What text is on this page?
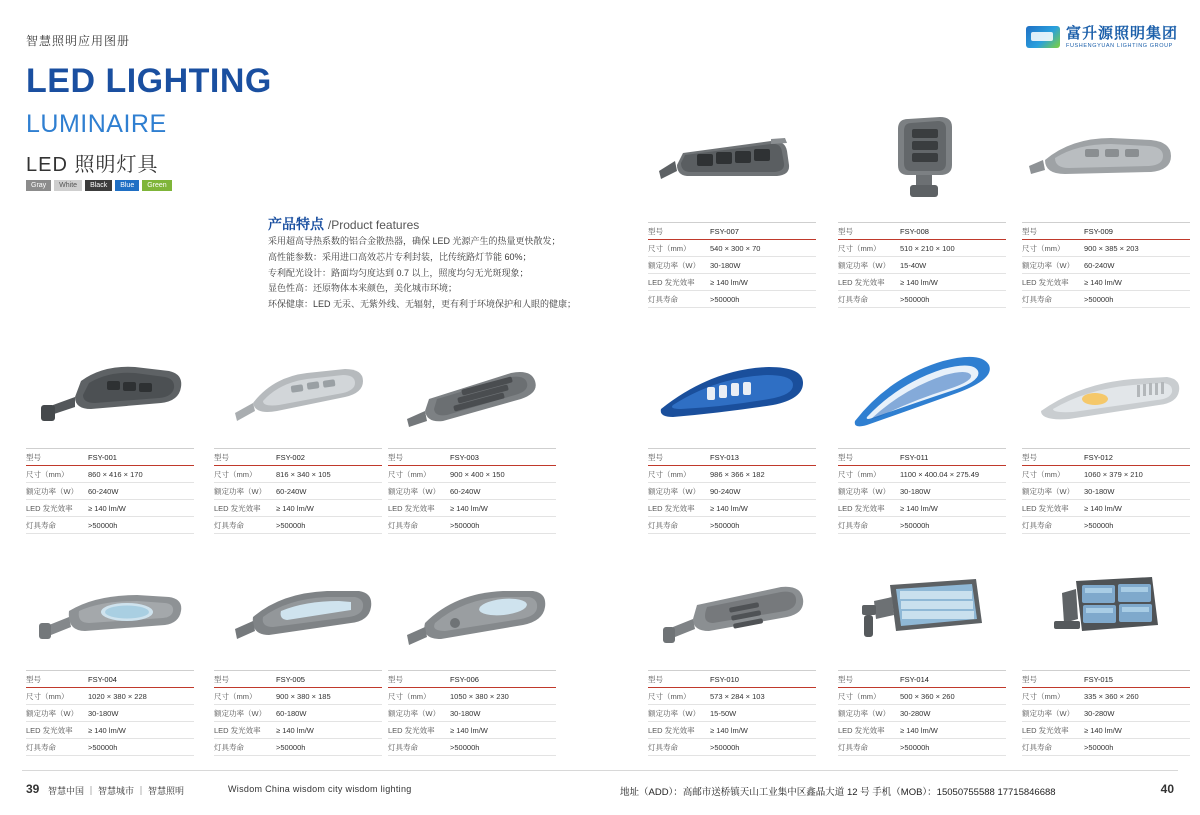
智慧照明应用图册	富升源照明集团
FUSHENGYUAN LIGHTING GROUP
LED LIGHTING
LUMINAIRE
LED 照明灯具
Gray	White	Black	Blue	Green
产品特点 /Product features
采用超高导热系数的铝合金散热器，确保 LED 光源产生的热量更快散发；
高性能参数：采用进口高效芯片专利封装，比传统路灯节能 60%；
专利配光设计：路面均匀度达到 0.7 以上，照度均匀无光斑现象；
显色性高：还原物体本来颜色，美化城市环境；
环保健康：LED 无汞、无紫外线、无辐射，更有利于环境保护和人眼的健康；
型号	FSY-007
尺寸（mm）	540 × 300 × 70
额定功率（W）	30-180W
LED 发光效率	≥ 140 lm/W
灯具寿命	>50000h
型号	FSY-008
尺寸（mm）	510 × 210 × 100
额定功率（W）	15-40W
LED 发光效率	≥ 140 lm/W
灯具寿命	>50000h
型号	FSY-009
尺寸（mm）	900 × 385 × 203
额定功率（W）	60-240W
LED 发光效率	≥ 140 lm/W
灯具寿命	>50000h
型号	FSY-001
尺寸（mm）	860 × 416 × 170
额定功率（W）	60-240W
LED 发光效率	≥ 140 lm/W
灯具寿命	>50000h
型号	FSY-002
尺寸（mm）	816 × 340 × 105
额定功率（W）	60-240W
LED 发光效率	≥ 140 lm/W
灯具寿命	>50000h
型号	FSY-003
尺寸（mm）	900 × 400 × 150
额定功率（W）	60-240W
LED 发光效率	≥ 140 lm/W
灯具寿命	>50000h
型号	FSY-013
尺寸（mm）	986 × 366 × 182
额定功率（W）	90-240W
LED 发光效率	≥ 140 lm/W
灯具寿命	>50000h
型号	FSY-011
尺寸（mm）	1100 × 400.04 × 275.49
额定功率（W）	30-180W
LED 发光效率	≥ 140 lm/W
灯具寿命	>50000h
型号	FSY-012
尺寸（mm）	1060 × 379 × 210
额定功率（W）	30-180W
LED 发光效率	≥ 140 lm/W
灯具寿命	>50000h
型号	FSY-004
尺寸（mm）	1020 × 380 × 228
额定功率（W）	30-180W
LED 发光效率	≥ 140 lm/W
灯具寿命	>50000h
型号	FSY-005
尺寸（mm）	900 × 380 × 185
额定功率（W）	60-180W
LED 发光效率	≥ 140 lm/W
灯具寿命	>50000h
型号	FSY-006
尺寸（mm）	1050 × 380 × 230
额定功率（W）	30-180W
LED 发光效率	≥ 140 lm/W
灯具寿命	>50000h
型号	FSY-010
尺寸（mm）	573 × 284 × 103
额定功率（W）	15-50W
LED 发光效率	≥ 140 lm/W
灯具寿命	>50000h
型号	FSY-014
尺寸（mm）	500 × 360 × 260
额定功率（W）	30-280W
LED 发光效率	≥ 140 lm/W
灯具寿命	>50000h
型号	FSY-015
尺寸（mm）	335 × 360 × 260
额定功率（W）	30-280W
LED 发光效率	≥ 140 lm/W
灯具寿命	>50000h
39 智慧中国 ｜ 智慧城市 ｜ 智慧照明	Wisdom China wisdom city wisdom lighting	地址（ADD）：高邮市送桥镇天山工业集中区鑫晶大道 12 号 手机（MOB）：15050755588 17715846688	40
